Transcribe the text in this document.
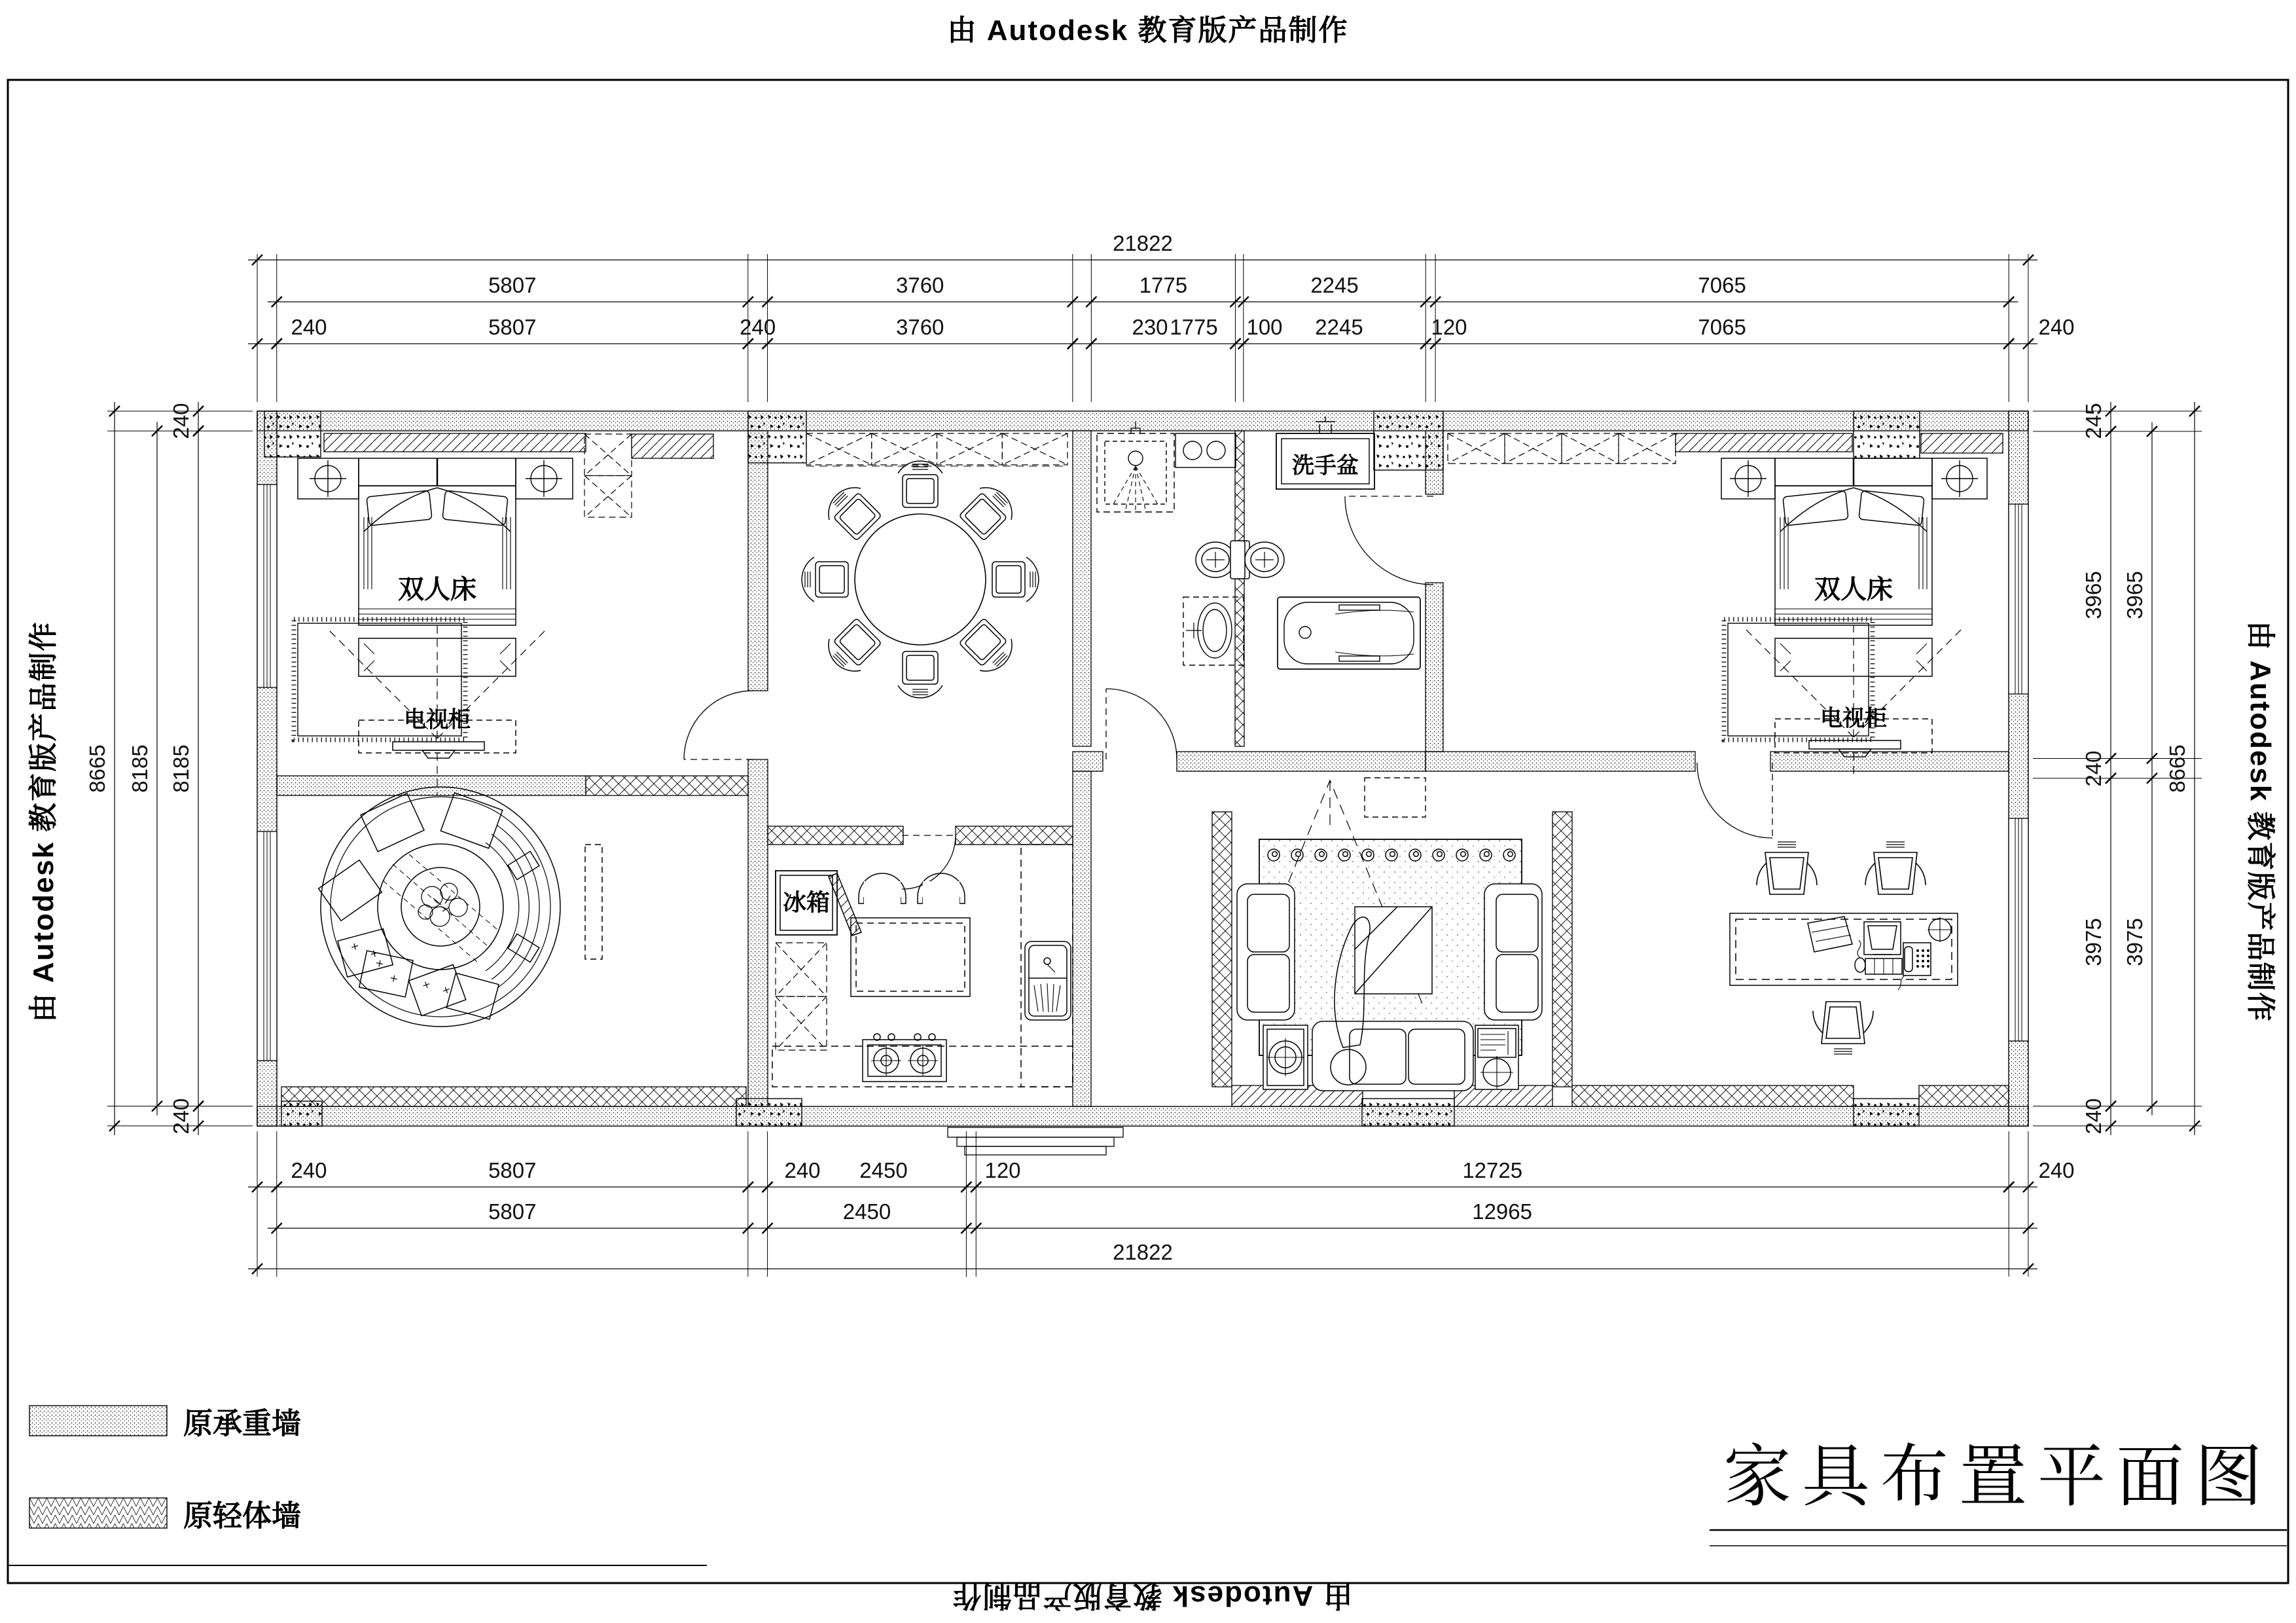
由 Autodesk 教育版产品制作
由 Autodesk 教育版产品制作	由 Autodesk 教育版产品制作
由 Autodesk 教育版产品制作
家具布置平面图
原承重墙
原轻体墙
双人床
电视柜
洗手盆
冰箱
双人床
电视柜
21822
5807	3760	1775	2245	7065
240	5807	240	3760	230 1775 100 2245	120	7065	240
240	5807	240 2450	120	12725	240
5807	2450	12965
21822
8665 8185
240
8185
240
245
3965
240
3975
240
3965
3975
8665
